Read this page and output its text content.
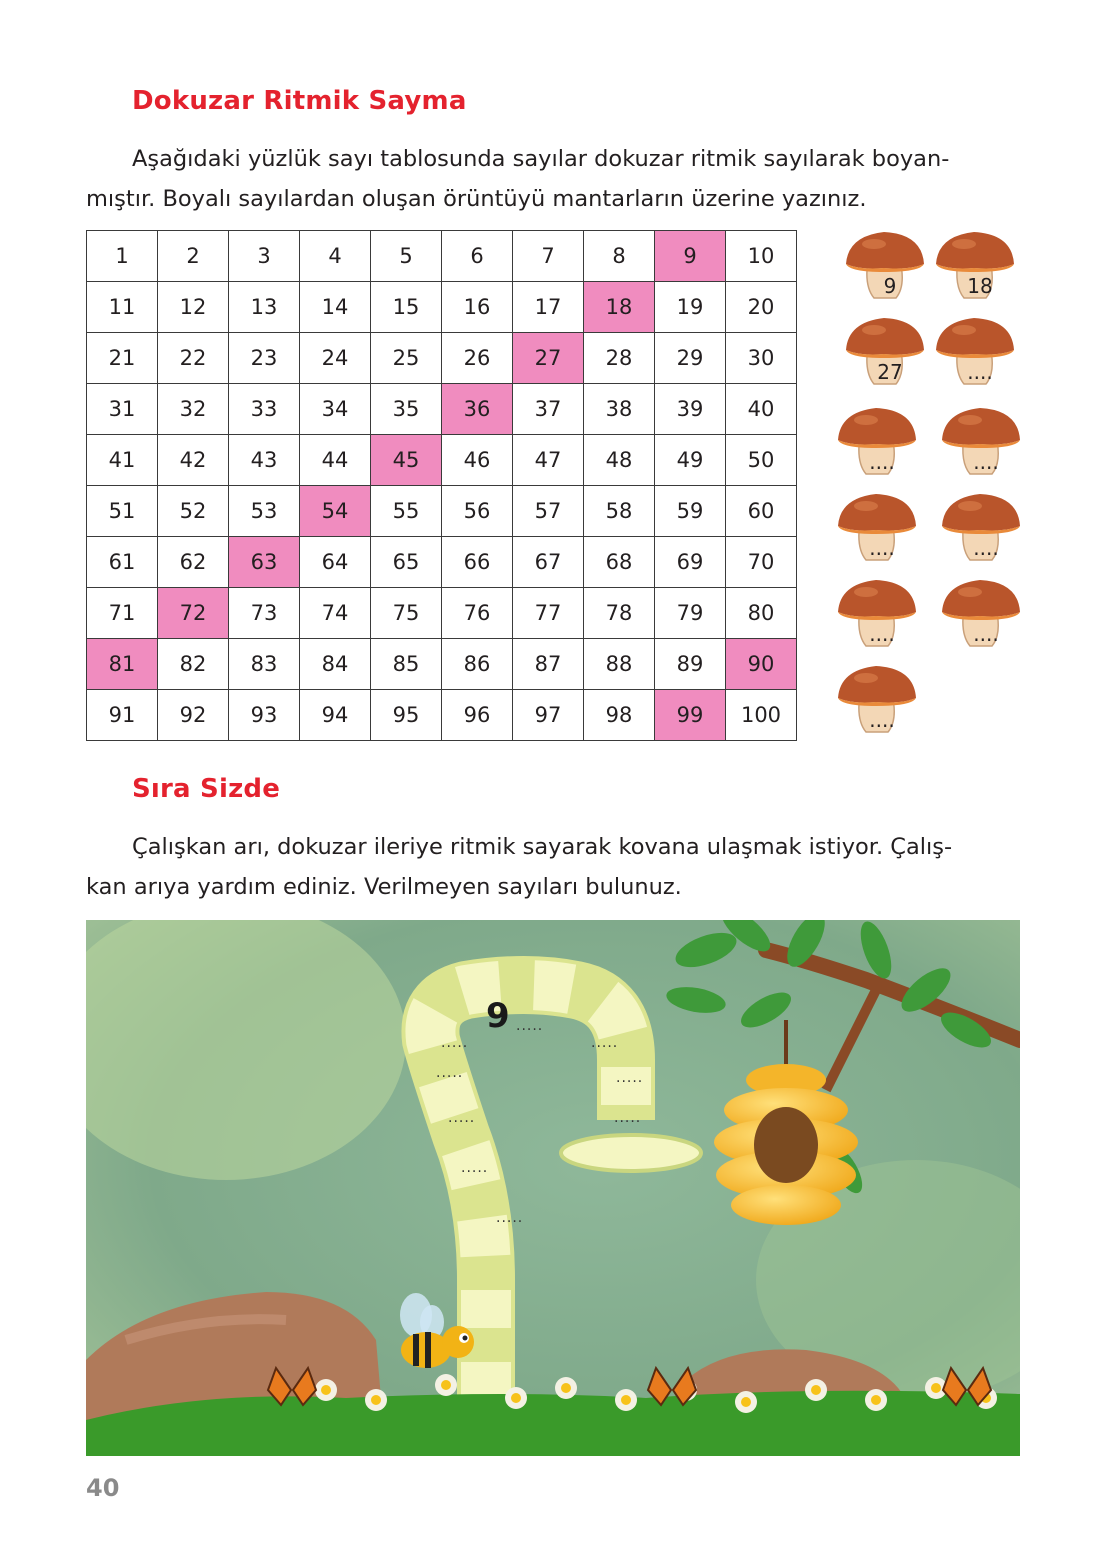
Dokuzar Ritmik Sayma

Aşağıdaki yüzlük sayı tablosunda sayılar dokuzar ritmik sayılarak boyan-
mıştır. Boyalı sayılardan oluşan örüntüyü mantarların üzerine yazınız.

1	2	3	4	5	6	7	8	9	10
11	12	13	14	15	16	17	18	19	20
21	22	23	24	25	26	27	28	29	30
31	32	33	34	35	36	37	38	39	40
41	42	43	44	45	46	47	48	49	50
51	52	53	54	55	56	57	58	59	60
61	62	63	64	65	66	67	68	69	70
71	72	73	74	75	76	77	78	79	80
81	82	83	84	85	86	87	88	89	90
91	92	93	94	95	96	97	98	99	100
9	18
27	....
....	....
....	....
....	....
....
Sıra Sizde

Çalışkan arı, dokuzar ileriye ritmik sayarak kovana ulaşmak istiyor. Çalış-
kan arıya yardım ediniz. Verilmeyen sayıları bulunuz.

9
.....
.....
.....
.....
.....
.....
.....
.....
.....
40
